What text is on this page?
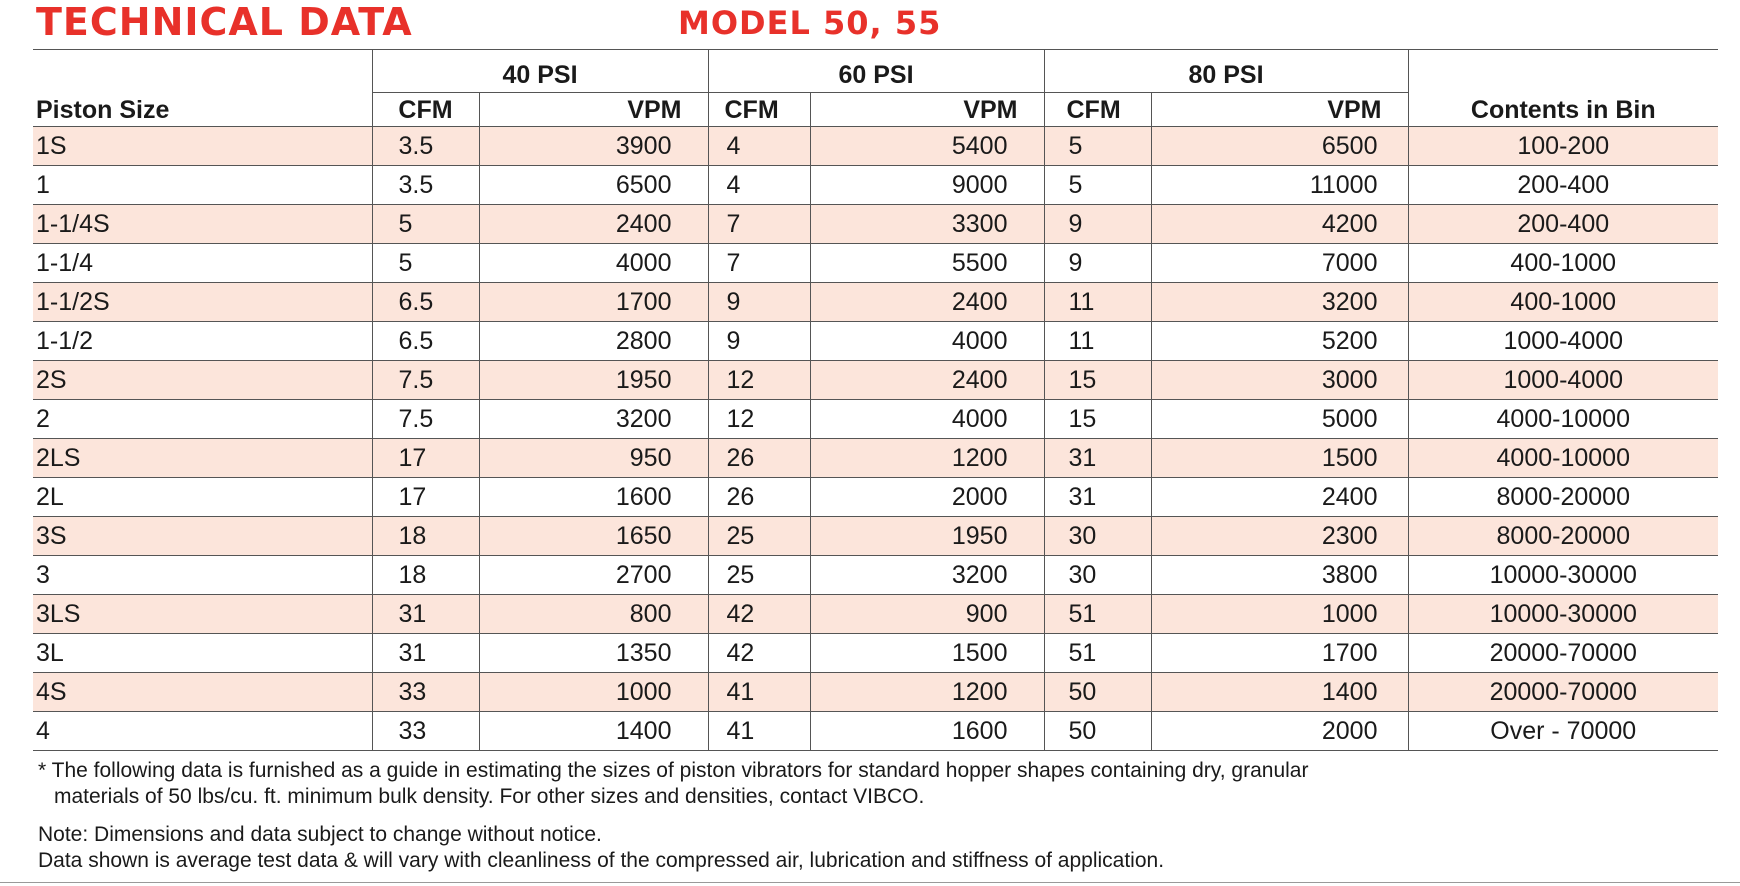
TECHNICAL DATA	MODEL 50, 55
	40 PSI		60 PSI		80 PSI		
Piston Size	CFM	VPM	CFM	VPM	CFM	VPM	Contents in Bin
1S	3.5	3900	4	5400	5	6500	100-200
1	3.5	6500	4	9000	5	11000	200-400
1-1/4S	5	2400	7	3300	9	4200	200-400
1-1/4	5	4000	7	5500	9	7000	400-1000
1-1/2S	6.5	1700	9	2400	11	3200	400-1000
1-1/2	6.5	2800	9	4000	11	5200	1000-4000
2S	7.5	1950	12	2400	15	3000	1000-4000
2	7.5	3200	12	4000	15	5000	4000-10000
2LS	17	950	26	1200	31	1500	4000-10000
2L	17	1600	26	2000	31	2400	8000-20000
3S	18	1650	25	1950	30	2300	8000-20000
3	18	2700	25	3200	30	3800	10000-30000
3LS	31	800	42	900	51	1000	10000-30000
3L	31	1350	42	1500	51	1700	20000-70000
4S	33	1000	41	1200	50	1400	20000-70000
4	33	1400	41	1600	50	2000	Over - 70000

* The following data is furnished as a guide in estimating the sizes of piston vibrators for standard hopper shapes containing dry, granular

materials of 50 lbs/cu. ft. minimum bulk density. For other sizes and densities, contact VIBCO.

Note: Dimensions and data subject to change without notice.

Data shown is average test data & will vary with cleanliness of the compressed air, lubrication and stiffness of application.
